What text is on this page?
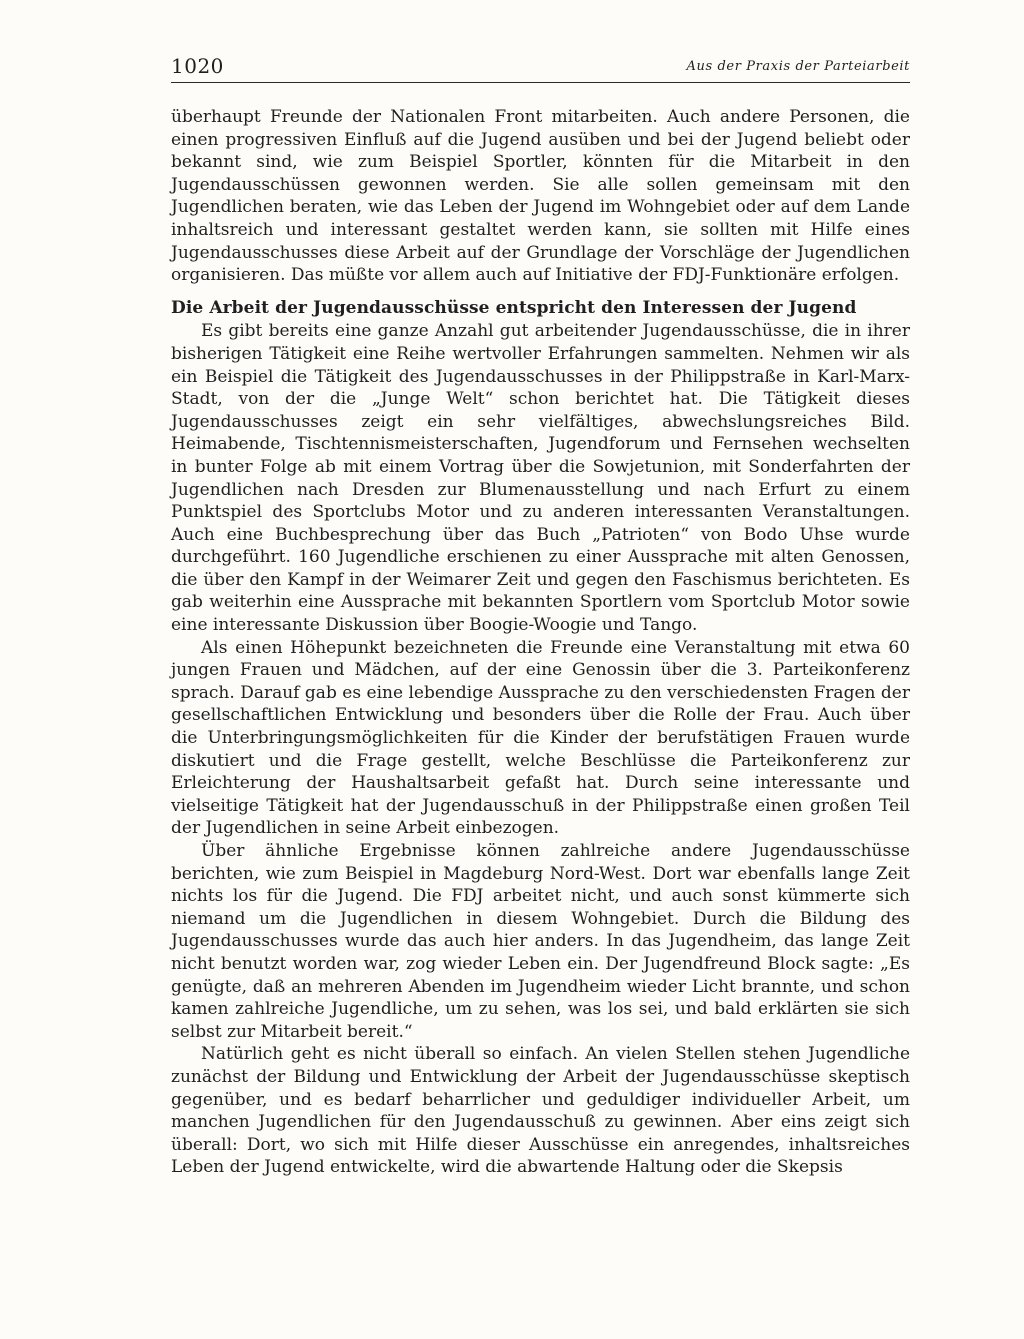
1020	Aus der Praxis der Parteiarbeit

überhaupt Freunde der Nationalen Front mitarbeiten. Auch andere Personen, die einen progressiven Einfluß auf die Jugend ausüben und bei der Jugend beliebt oder bekannt sind, wie zum Beispiel Sportler, könnten für die Mitarbeit in den Jugendausschüssen gewonnen werden. Sie alle sollen gemeinsam mit den Jugendlichen beraten, wie das Leben der Jugend im Wohngebiet oder auf dem Lande inhaltsreich und interessant gestaltet werden kann, sie sollten mit Hilfe eines Jugendausschusses diese Arbeit auf der Grundlage der Vorschläge der Jugendlichen organisieren. Das müßte vor allem auch auf Initiative der FDJ-Funktionäre erfolgen.

Die Arbeit der Jugendausschüsse entspricht den Interessen der Jugend

Es gibt bereits eine ganze Anzahl gut arbeitender Jugendausschüsse, die in ihrer bisherigen Tätigkeit eine Reihe wertvoller Erfahrungen sammelten. Nehmen wir als ein Beispiel die Tätigkeit des Jugendausschusses in der Philippstraße in Karl-Marx-Stadt, von der die „Junge Welt“ schon berichtet hat. Die Tätigkeit dieses Jugendausschusses zeigt ein sehr vielfältiges, abwechslungsreiches Bild. Heimabende, Tischtennismeisterschaften, Jugendforum und Fernsehen wechselten in bunter Folge ab mit einem Vortrag über die Sowjetunion, mit Sonderfahrten der Jugendlichen nach Dresden zur Blumenausstellung und nach Erfurt zu einem Punktspiel des Sportclubs Motor und zu anderen interessanten Veranstaltungen. Auch eine Buchbesprechung über das Buch „Patrioten“ von Bodo Uhse wurde durchgeführt. 160 Jugendliche erschienen zu einer Aussprache mit alten Genossen, die über den Kampf in der Weimarer Zeit und gegen den Faschismus berichteten. Es gab weiterhin eine Aussprache mit bekannten Sportlern vom Sportclub Motor sowie eine interessante Diskussion über Boogie-Woogie und Tango.

Als einen Höhepunkt bezeichneten die Freunde eine Veranstaltung mit etwa 60 jungen Frauen und Mädchen, auf der eine Genossin über die 3. Parteikonferenz sprach. Darauf gab es eine lebendige Aussprache zu den verschiedensten Fragen der gesellschaftlichen Entwicklung und besonders über die Rolle der Frau. Auch über die Unterbringungsmöglichkeiten für die Kinder der berufstätigen Frauen wurde diskutiert und die Frage gestellt, welche Beschlüsse die Parteikonferenz zur Erleichterung der Haushaltsarbeit gefaßt hat. Durch seine interessante und vielseitige Tätigkeit hat der Jugendausschuß in der Philippstraße einen großen Teil der Jugendlichen in seine Arbeit einbezogen.

Über ähnliche Ergebnisse können zahlreiche andere Jugendausschüsse berichten, wie zum Beispiel in Magdeburg Nord-West. Dort war ebenfalls lange Zeit nichts los für die Jugend. Die FDJ arbeitet nicht, und auch sonst kümmerte sich niemand um die Jugendlichen in diesem Wohngebiet. Durch die Bildung des Jugendausschusses wurde das auch hier anders. In das Jugendheim, das lange Zeit nicht benutzt worden war, zog wieder Leben ein. Der Jugendfreund Block sagte: „Es genügte, daß an mehreren Abenden im Jugendheim wieder Licht brannte, und schon kamen zahlreiche Jugendliche, um zu sehen, was los sei, und bald erklärten sie sich selbst zur Mitarbeit bereit.“

Natürlich geht es nicht überall so einfach. An vielen Stellen stehen Jugendliche zunächst der Bildung und Entwicklung der Arbeit der Jugendausschüsse skeptisch gegenüber, und es bedarf beharrlicher und geduldiger individueller Arbeit, um manchen Jugendlichen für den Jugendausschuß zu gewinnen. Aber eins zeigt sich überall: Dort, wo sich mit Hilfe dieser Ausschüsse ein anregendes, inhaltsreiches Leben der Jugend entwickelte, wird die abwartende Haltung oder die Skepsis
